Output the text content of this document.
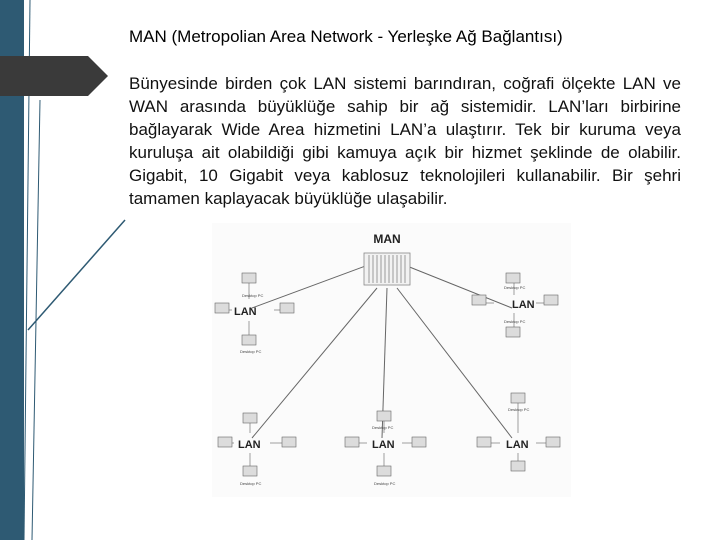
MAN (Metropolian Area Network - Yerleşke Ağ Bağlantısı)
Bünyesinde birden çok LAN sistemi barındıran, coğrafi ölçekte LAN ve WAN arasında büyüklüğe sahip bir ağ sistemidir. LAN’ları birbirine bağlayarak Wide Area hizmetini LAN’a ulaştırır. Tek bir kuruma veya kuruluşa ait olabildiği gibi kamuya açık bir hizmet şeklinde de olabilir. Gigabit, 10 Gigabit veya kablosuz teknolojileri kullanabilir. Bir şehri tamamen kaplayacak büyüklüğe ulaşabilir.
MAN
Desktop PC
Desktop PC
Desktop PC
Desktop PC
Desktop PC
Desktop PC
Desktop PC
Desktop PC
LAN
LAN
LAN	LAN	LAN
